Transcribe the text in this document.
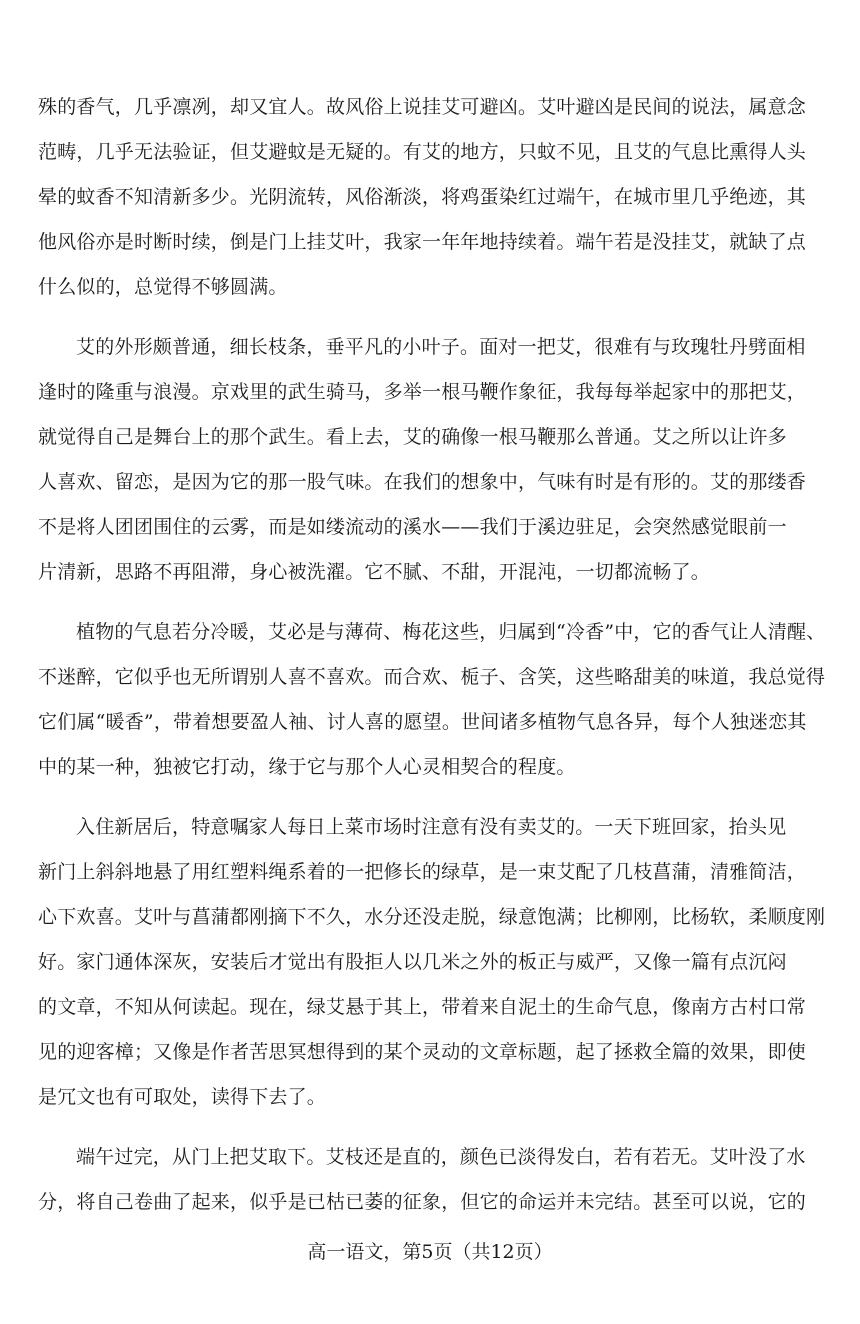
殊的香气，几乎凛冽，却又宜人。故风俗上说挂艾可避凶。艾叶避凶是民间的说法，属意念
范畴，几乎无法验证，但艾避蚊是无疑的。有艾的地方，只蚊不见，且艾的气息比熏得人头
晕的蚊香不知清新多少。光阴流转，风俗渐淡，将鸡蛋染红过端午，在城市里几乎绝迹，其
他风俗亦是时断时续，倒是门上挂艾叶，我家一年年地持续着。端午若是没挂艾，就缺了点
什么似的，总觉得不够圆满。
艾的外形颇普通，细长枝条，垂平凡的小叶子。面对一把艾，很难有与玫瑰牡丹劈面相
逢时的隆重与浪漫。京戏里的武生骑马，多举一根马鞭作象征，我每每举起家中的那把艾，
就觉得自己是舞台上的那个武生。看上去，艾的确像一根马鞭那么普通。艾之所以让许多
人喜欢、留恋，是因为它的那一股气味。在我们的想象中，气味有时是有形的。艾的那缕香
不是将人团团围住的云雾，而是如缕流动的溪水——我们于溪边驻足，会突然感觉眼前一
片清新，思路不再阻滞，身心被洗濯。它不腻、不甜，开混沌，一切都流畅了。
植物的气息若分冷暖，艾必是与薄荷、梅花这些，归属到“冷香”中，它的香气让人清醒、
不迷醉，它似乎也无所谓别人喜不喜欢。而合欢、栀子、含笑，这些略甜美的味道，我总觉得
它们属“暖香”，带着想要盈人袖、讨人喜的愿望。世间诸多植物气息各异，每个人独迷恋其
中的某一种，独被它打动，缘于它与那个人心灵相契合的程度。
入住新居后，特意嘱家人每日上菜市场时注意有没有卖艾的。一天下班回家，抬头见
新门上斜斜地悬了用红塑料绳系着的一把修长的绿草，是一束艾配了几枝菖蒲，清雅简洁，
心下欢喜。艾叶与菖蒲都刚摘下不久，水分还没走脱，绿意饱满；比柳刚，比杨软，柔顺度刚
好。家门通体深灰，安装后才觉出有股拒人以几米之外的板正与威严，又像一篇有点沉闷
的文章，不知从何读起。现在，绿艾悬于其上，带着来自泥土的生命气息，像南方古村口常
见的迎客樟；又像是作者苦思冥想得到的某个灵动的文章标题，起了拯救全篇的效果，即使
是冗文也有可取处，读得下去了。
端午过完，从门上把艾取下。艾枝还是直的，颜色已淡得发白，若有若无。艾叶没了水
分，将自己卷曲了起来，似乎是已枯已萎的征象，但它的命运并未完结。甚至可以说，它的
高一语文，第5页（共12页）
